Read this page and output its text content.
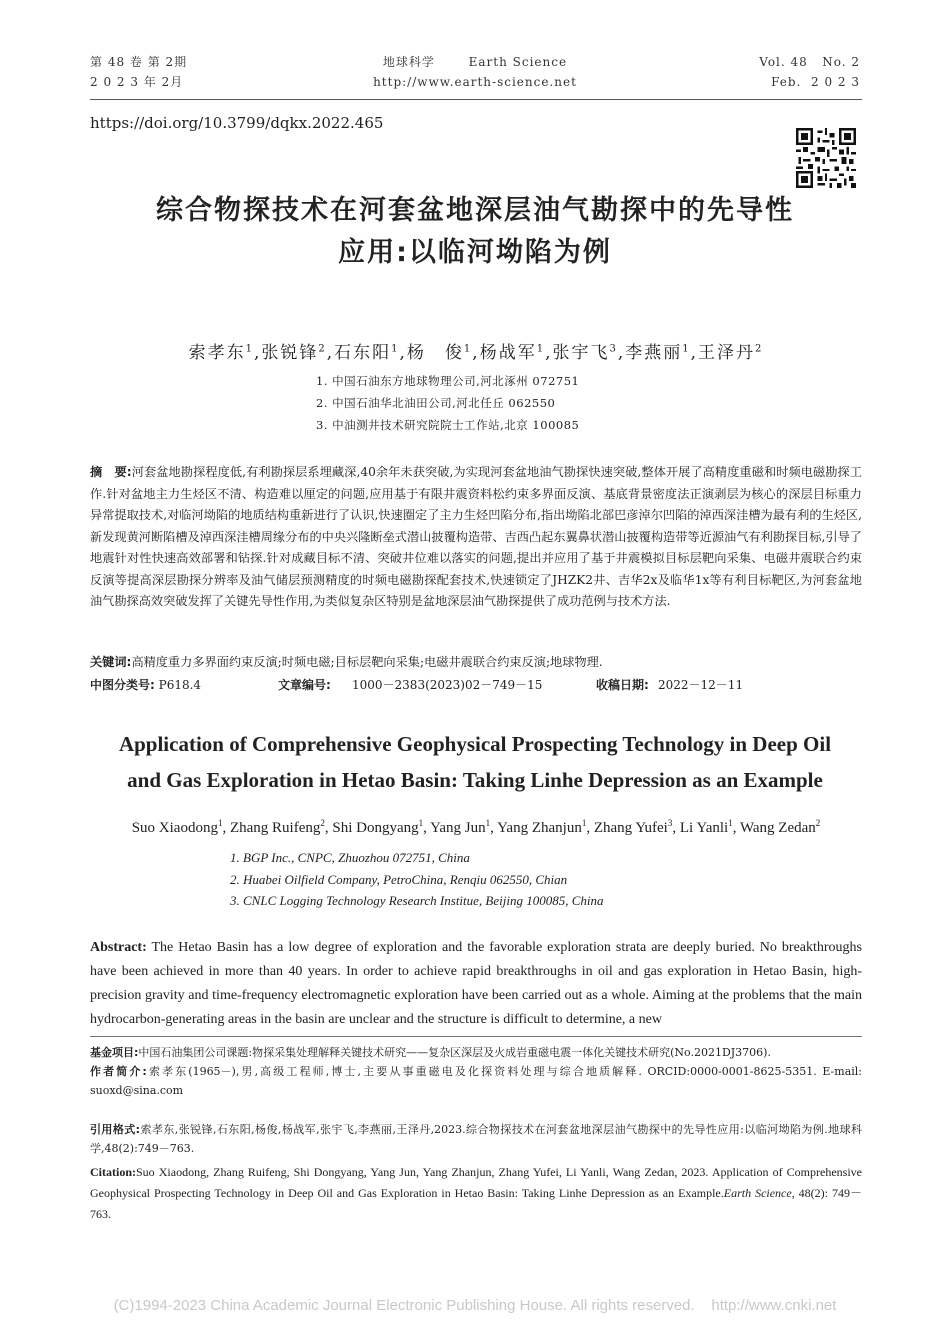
第 48 卷 第 2期
2 0 2 3 年 2月
地球科学       Earth Science
http://www.earth-science.net
Vol. 48   No. 2
Feb.  2 0 2 3
https://doi.org/10.3799/dqkx.2022.465
综合物探技术在河套盆地深层油气勘探中的先导性
应用:以临河坳陷为例
索孝东$^1$,张锐锋$^2$,石东阳$^1$,杨　俊$^1$,杨战军$^1$,张宇飞$^3$,李燕丽$^1$,王泽丹$^2$
1. 中国石油东方地球物理公司,河北涿州 072751
2. 中国石油华北油田公司,河北任丘 062550
3. 中油测井技术研究院院士工作站,北京 100085

摘　要:河套盆地勘探程度低,有利勘探层系埋藏深,40余年未获突破,为实现河套盆地油气勘探快速突破,整体开展了高精度重磁和时频电磁勘探工作.针对盆地主力生烃区不清、构造难以厘定的问题,应用基于有限井震资料松约束多界面反演、基底背景密度法正演剥层为核心的深层目标重力异常提取技术,对临河坳陷的地质结构重新进行了认识,快速圈定了主力生烃凹陷分布,指出坳陷北部巴彦淖尔凹陷的淖西深洼槽为最有利的生烃区,新发现黄河断陷槽及淖西深洼槽周缘分布的中央兴隆断垒式潜山披覆构造带、吉西凸起东翼鼻状潜山披覆构造带等近源油气有利勘探目标,引导了地震针对性快速高效部署和钻探.针对成藏目标不清、突破井位难以落实的问题,提出并应用了基于井震模拟目标层靶向采集、电磁井震联合约束反演等提高深层勘探分辨率及油气储层预测精度的时频电磁勘探配套技术,快速锁定了JHZK2井、吉华2x及临华1x等有利目标靶区,为河套盆地油气勘探高效突破发挥了关键先导性作用,为类似复杂区特别是盆地深层油气勘探提供了成功范例与技术方法.

关键词:高精度重力多界面约束反演;时频电磁;目标层靶向采集;电磁井震联合约束反演;地球物理.

中图分类号: P618.4	文章编号: 1000－2383(2023)02－749－15	收稿日期: 2022－12－11
Application of Comprehensive Geophysical Prospecting Technology in Deep Oil
and Gas Exploration in Hetao Basin: Taking Linhe Depression as an Example
Suo Xiaodong$^1$, Zhang Ruifeng$^2$, Shi Dongyang$^1$, Yang Jun$^1$, Yang Zhanjun$^1$, Zhang Yufei$^3$, Li Yanli$^1$, Wang Zedan$^2$
1. BGP Inc., CNPC, Zhuozhou 072751, China
2. Huabei Oilfield Company, PetroChina, Renqiu 062550, Chian
3. CNLC Logging Technology Research Institue, Beijing 100085, China

Abstract: The Hetao Basin has a low degree of exploration and the favorable exploration strata are deeply buried. No breakthroughs have been achieved in more than 40 years. In order to achieve rapid breakthroughs in oil and gas exploration in Hetao Basin, high-precision gravity and time-frequency electromagnetic exploration have been carried out as a whole. Aiming at the problems that the main hydrocarbon-generating areas in the basin are unclear and the structure is difficult to determine, a new

基金项目:中国石油集团公司课题:物探采集处理解释关键技术研究——复杂区深层及火成岩重磁电震一体化关键技术研究(No.2021DJ3706).

作者简介:索孝东(1965－),男,高级工程师,博士,主要从事重磁电及化探资料处理与综合地质解释. ORCID:0000-0001-8625-5351. E-mail: suoxd@sina.com

引用格式:索孝东,张锐锋,石东阳,杨俊,杨战军,张宇飞,李燕丽,王泽丹,2023.综合物探技术在河套盆地深层油气勘探中的先导性应用:以临河坳陷为例.地球科学,48(2):749－763.

Citation:Suo Xiaodong, Zhang Ruifeng, Shi Dongyang, Yang Jun, Yang Zhanjun, Zhang Yufei, Li Yanli, Wang Zedan, 2023. Application of Comprehensive Geophysical Prospecting Technology in Deep Oil and Gas Exploration in Hetao Basin: Taking Linhe Depression as an Example.Earth Science, 48(2): 749－763.

(C)1994-2023 China Academic Journal Electronic Publishing House. All rights reserved.    http://www.cnki.net
